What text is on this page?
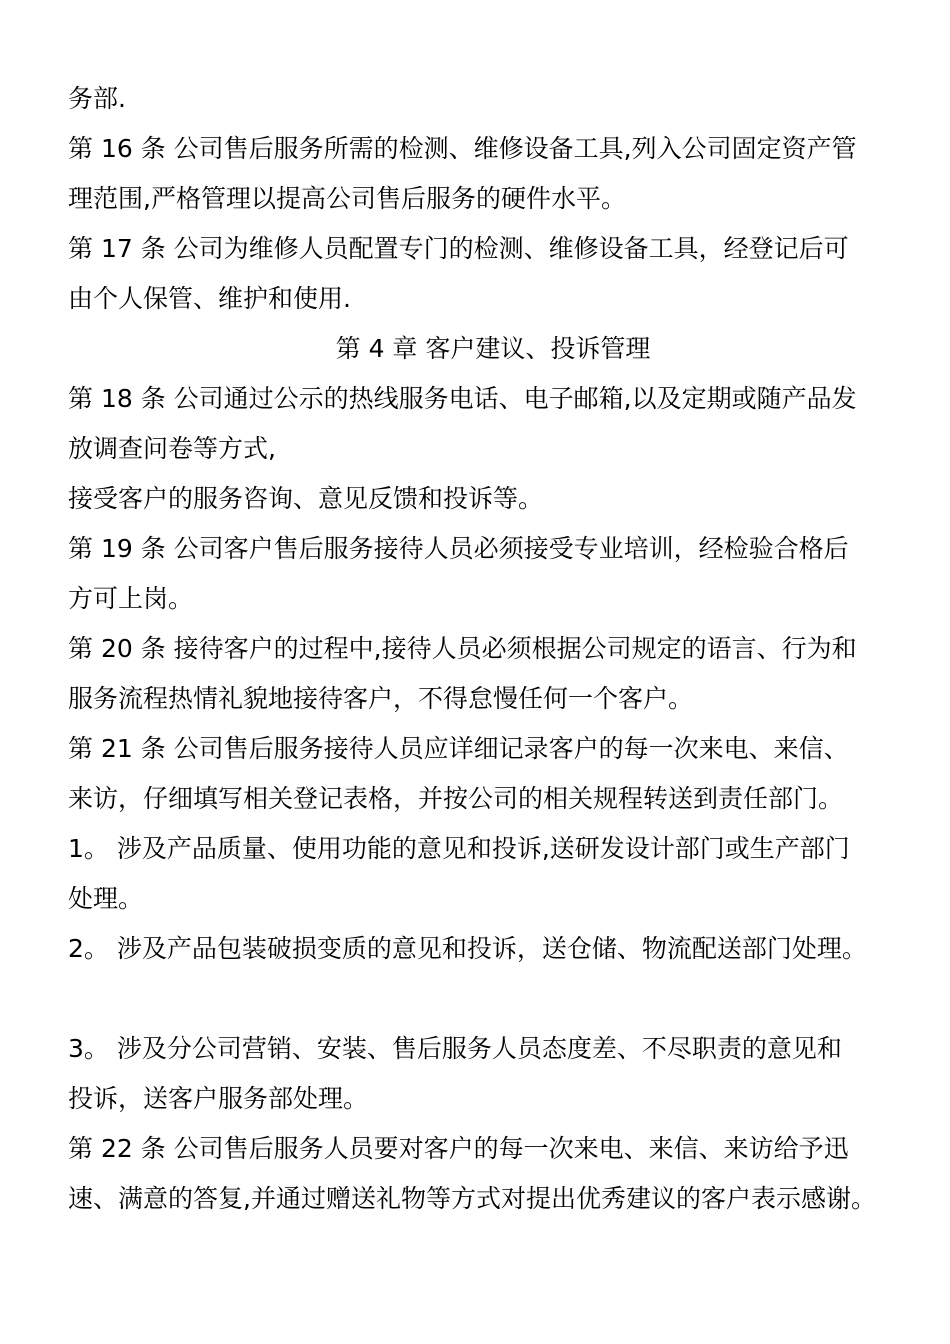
务部.

第 16 条 公司售后服务所需的检测、维修设备工具,列入公司固定资产管

理范围,严格管理以提高公司售后服务的硬件水平。

第 17 条 公司为维修人员配置专门的检测、维修设备工具，经登记后可

由个人保管、维护和使用.

第 4 章 客户建议、投诉管理

第 18 条 公司通过公示的热线服务电话、电子邮箱,以及定期或随产品发

放调查问卷等方式,

接受客户的服务咨询、意见反馈和投诉等。

第 19 条 公司客户售后服务接待人员必须接受专业培训，经检验合格后

方可上岗。

第 20 条 接待客户的过程中,接待人员必须根据公司规定的语言、行为和

服务流程热情礼貌地接待客户，不得怠慢任何一个客户。

第 21 条 公司售后服务接待人员应详细记录客户的每一次来电、来信、

来访，仔细填写相关登记表格，并按公司的相关规程转送到责任部门。

1。 涉及产品质量、使用功能的意见和投诉,送研发设计部门或生产部门

处理。

2。 涉及产品包装破损变质的意见和投诉，送仓储、物流配送部门处理。

3。 涉及分公司营销、安装、售后服务人员态度差、不尽职责的意见和

投诉，送客户服务部处理。

第 22 条 公司售后服务人员要对客户的每一次来电、来信、来访给予迅

速、满意的答复,并通过赠送礼物等方式对提出优秀建议的客户表示感谢。
